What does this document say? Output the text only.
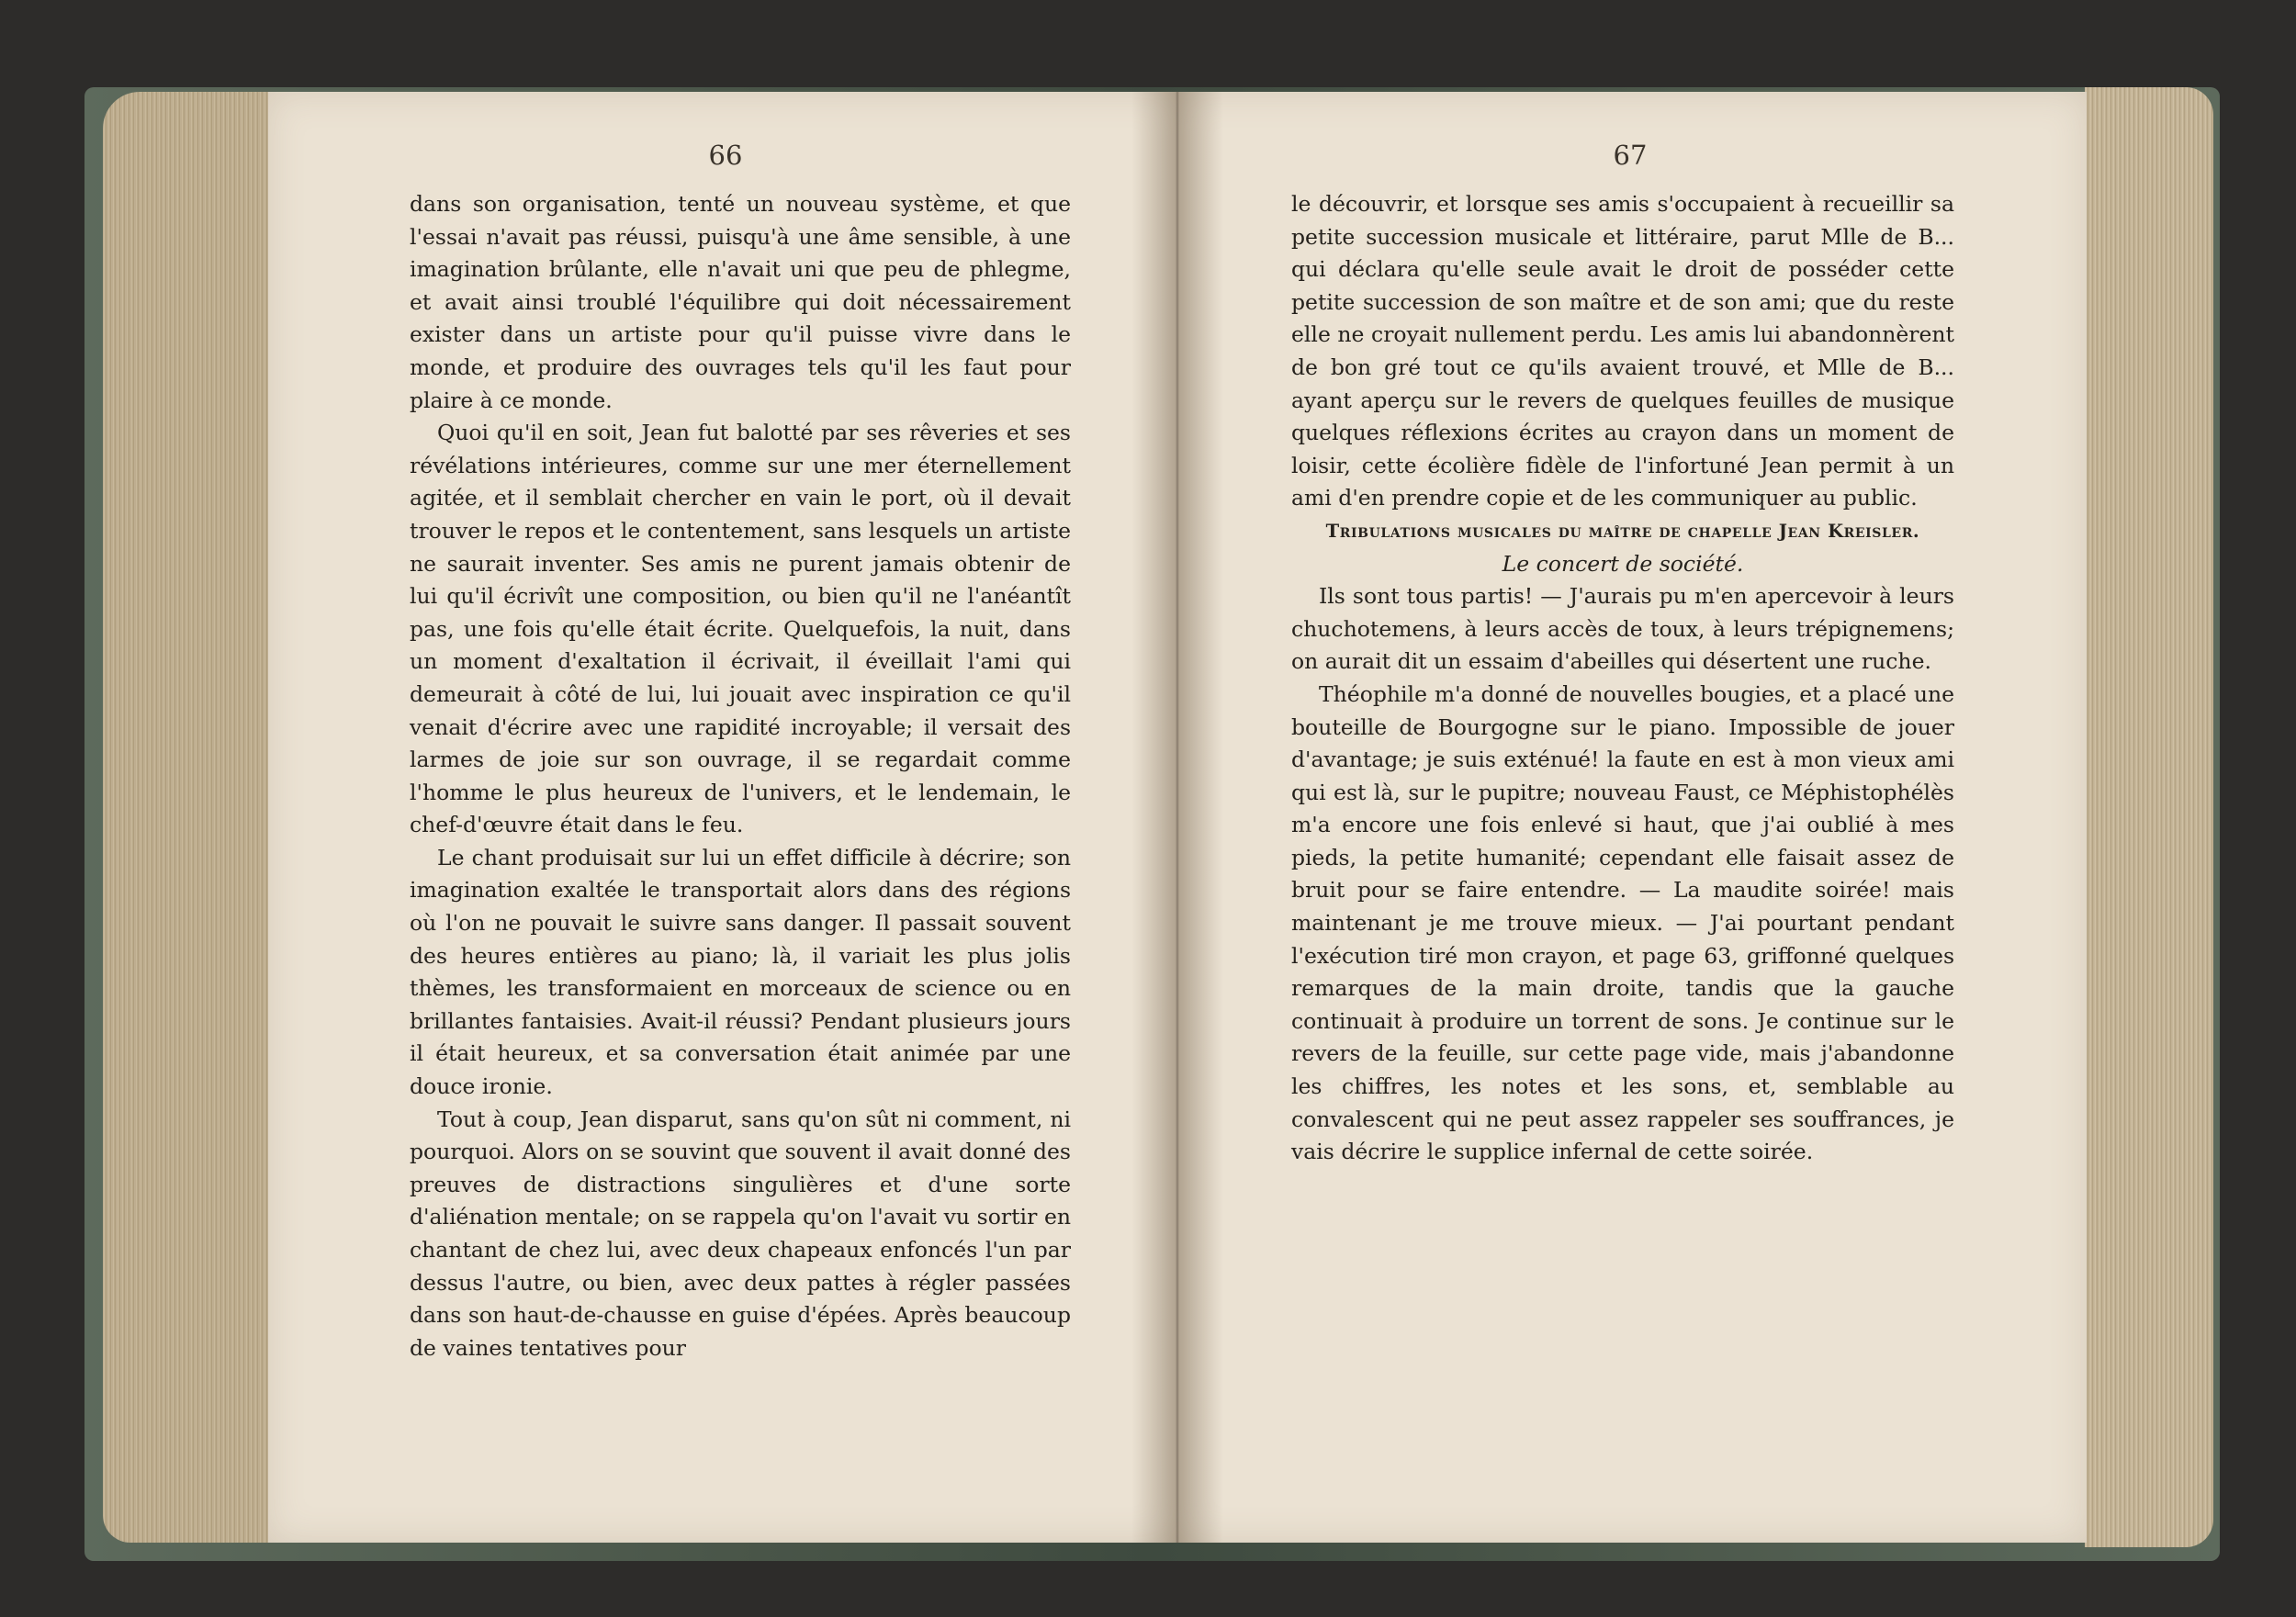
66	67

dans son organisation, tenté un nouveau système, et que l'essai n'avait pas réussi, puisqu'à une âme sensible, à une imagination brûlante, elle n'avait uni que peu de phlegme, et avait ainsi troublé l'équilibre qui doit nécessairement exister dans un artiste pour qu'il puisse vivre dans le monde, et produire des ouvrages tels qu'il les faut pour plaire à ce monde.

Quoi qu'il en soit, Jean fut balotté par ses rêveries et ses révélations intérieures, comme sur une mer éternellement agitée, et il semblait chercher en vain le port, où il devait trouver le repos et le contentement, sans lesquels un artiste ne saurait inventer. Ses amis ne purent jamais obtenir de lui qu'il écrivît une composition, ou bien qu'il ne l'anéantît pas, une fois qu'elle était écrite. Quelquefois, la nuit, dans un moment d'exaltation il écrivait, il éveillait l'ami qui demeurait à côté de lui, lui jouait avec inspiration ce qu'il venait d'écrire avec une rapidité incroyable; il versait des larmes de joie sur son ouvrage, il se regardait comme l'homme le plus heureux de l'univers, et le lendemain, le chef-d'œuvre était dans le feu.

Le chant produisait sur lui un effet difficile à décrire; son imagination exaltée le transportait alors dans des régions où l'on ne pouvait le suivre sans danger. Il passait souvent des heures entières au piano; là, il variait les plus jolis thèmes, les transformaient en morceaux de science ou en brillantes fantaisies. Avait-il réussi? Pendant plusieurs jours il était heureux, et sa conversation était animée par une douce ironie.

Tout à coup, Jean disparut, sans qu'on sût ni comment, ni pourquoi. Alors on se souvint que souvent il avait donné des preuves de distractions singulières et d'une sorte d'aliénation mentale; on se rappela qu'on l'avait vu sortir en chantant de chez lui, avec deux chapeaux enfoncés l'un par dessus l'autre, ou bien, avec deux pattes à régler passées dans son haut-de-chausse en guise d'épées. Après beaucoup de vaines tentatives pour

le découvrir, et lorsque ses amis s'occupaient à recueillir sa petite succession musicale et littéraire, parut Mlle de B... qui déclara qu'elle seule avait le droit de posséder cette petite succession de son maître et de son ami; que du reste elle ne croyait nullement perdu. Les amis lui abandonnèrent de bon gré tout ce qu'ils avaient trouvé, et Mlle de B... ayant aperçu sur le revers de quelques feuilles de musique quelques réflexions écrites au crayon dans un moment de loisir, cette écolière fidèle de l'infortuné Jean permit à un ami d'en prendre copie et de les communiquer au public.

Tribulations musicales du maître de chapelle Jean Kreisler.

Le concert de société.

Ils sont tous partis! — J'aurais pu m'en apercevoir à leurs chuchotemens, à leurs accès de toux, à leurs trépignemens; on aurait dit un essaim d'abeilles qui désertent une ruche.

Théophile m'a donné de nouvelles bougies, et a placé une bouteille de Bourgogne sur le piano. Impossible de jouer d'avantage; je suis exténué! la faute en est à mon vieux ami qui est là, sur le pupitre; nouveau Faust, ce Méphistophélès m'a encore une fois enlevé si haut, que j'ai oublié à mes pieds, la petite humanité; cependant elle faisait assez de bruit pour se faire entendre. — La maudite soirée! mais maintenant je me trouve mieux. — J'ai pourtant pendant l'exécution tiré mon crayon, et page 63, griffonné quelques remarques de la main droite, tandis que la gauche continuait à produire un torrent de sons. Je continue sur le revers de la feuille, sur cette page vide, mais j'abandonne les chiffres, les notes et les sons, et, semblable au convalescent qui ne peut assez rappeler ses souffrances, je vais décrire le supplice infernal de cette soirée.
